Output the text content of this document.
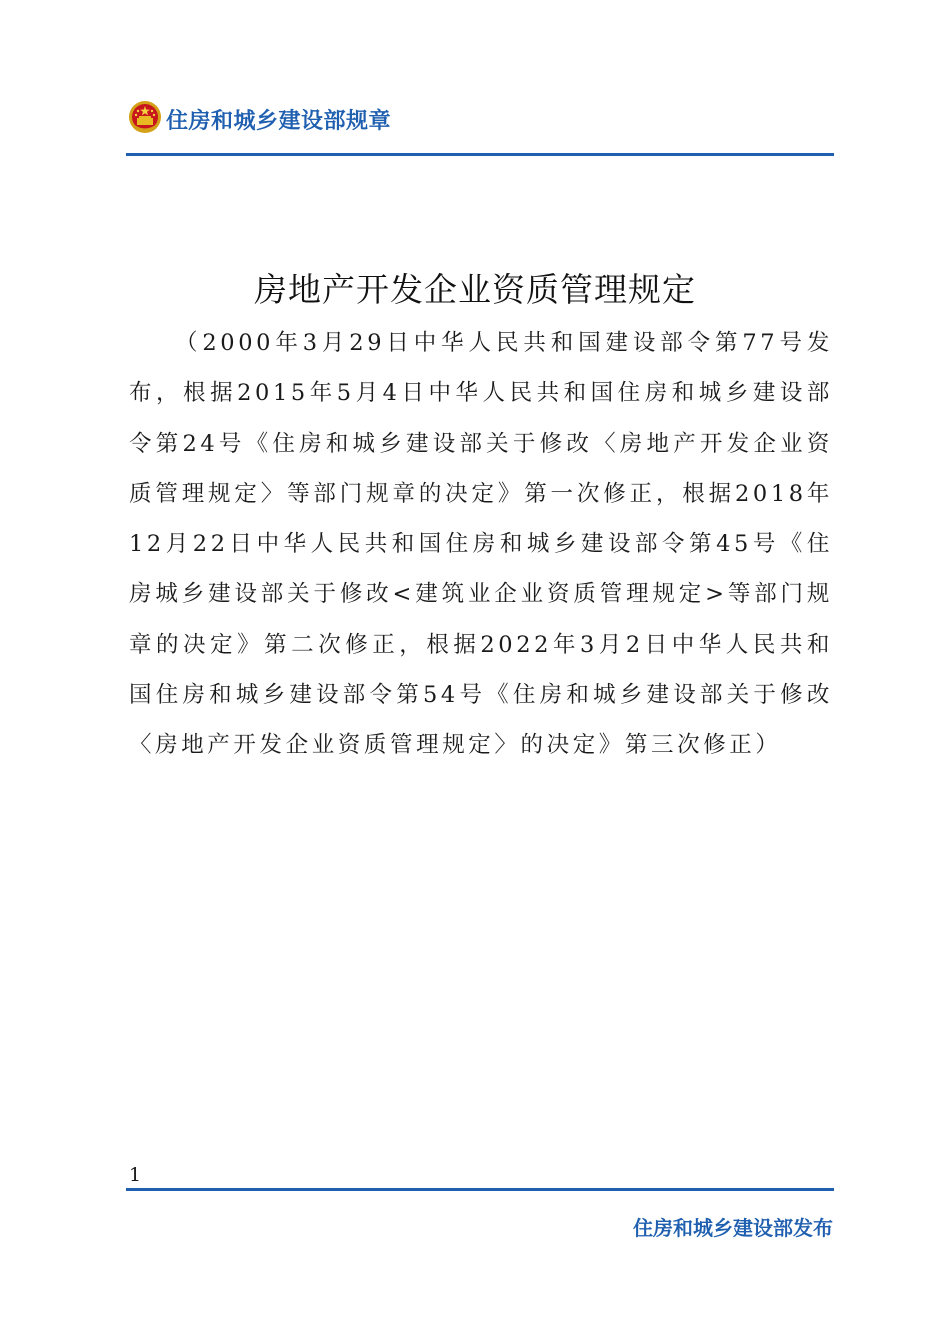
住房和城乡建设部规章
房地产开发企业资质管理规定
（2000年3月29日中华人民共和国建设部令第77号发布，根据2015年5月4日中华人民共和国住房和城乡建设部令第24号《住房和城乡建设部关于修改〈房地产开发企业资质管理规定〉等部门规章的决定》第一次修正，根据2018年12月22日中华人民共和国住房和城乡建设部令第45号《住房城乡建设部关于修改<建筑业企业资质管理规定>等部门规章的决定》第二次修正，根据2022年3月2日中华人民共和国住房和城乡建设部令第54号《住房和城乡建设部关于修改〈房地产开发企业资质管理规定〉的决定》第三次修正）
1
住房和城乡建设部发布
